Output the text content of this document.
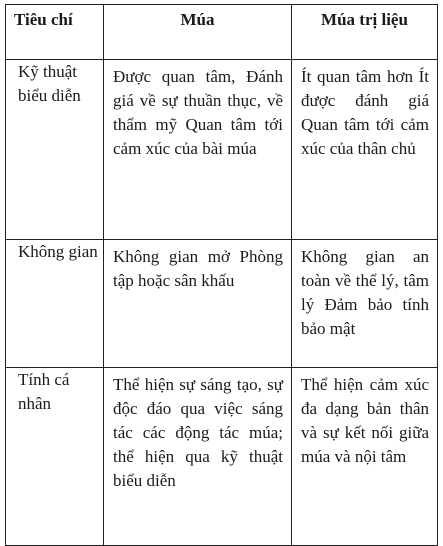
Tiêu chí	Múa	Múa trị liệu
Kỹ thuật biểu diễn	Được quan tâm, Đánh giá về sự thuần thục, về thẩm mỹ Quan tâm tới cảm xúc của bài múa	Ít quan tâm hơn Ít được đánh giá Quan tâm tới cảm xúc của thân chủ
Không gian	Không gian mở Phòng tập hoặc sân khấu	Không gian an toàn về thể lý, tâm lý Đảm bảo tính bảo mật
Tính cá nhân	Thể hiện sự sáng tạo, sự độc đáo qua việc sáng tác các động tác múa; thể hiện qua kỹ thuật biểu diễn	Thể hiện cảm xúc đa dạng bản thân và sự kết nối giữa múa và nội tâm
